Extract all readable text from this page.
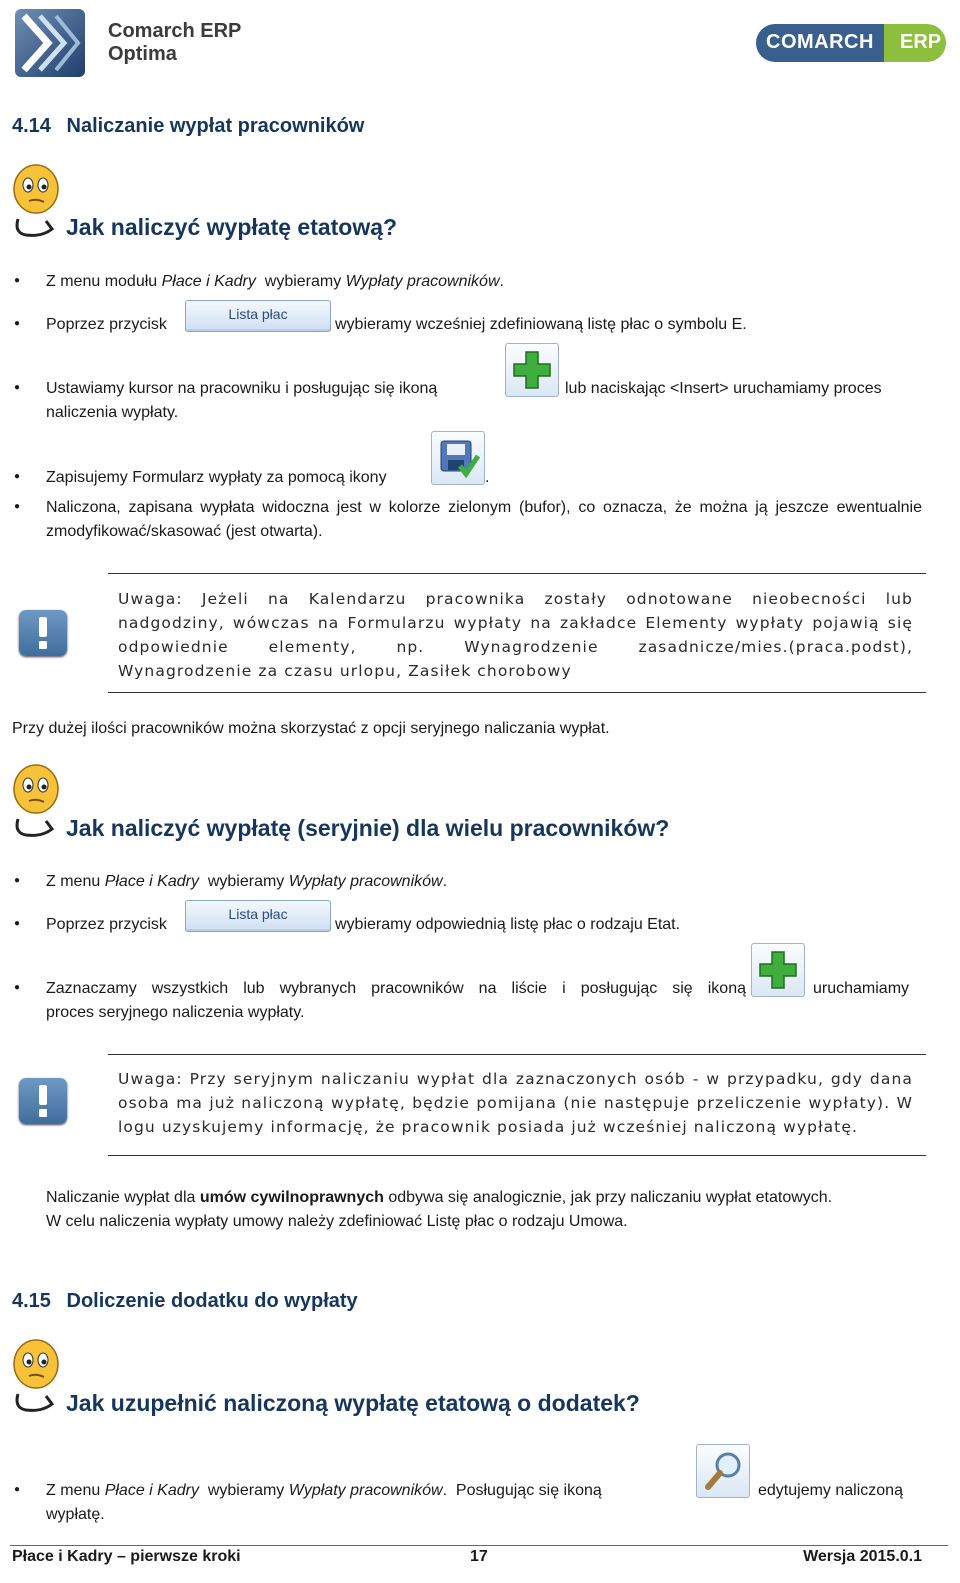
Comarch ERP
Optima
COMARCH ERP
4.14 Naliczanie wypłat pracowników
Jak naliczyć wypłatę etatową?
● Z menu modułu Płace i Kadry  wybieramy Wypłaty pracowników.
● Poprzez przycisk
Lista płac
wybieramy wcześniej zdefiniowaną listę płac o symbolu E.
● Ustawiamy kursor na pracowniku i posługując się ikoną	lub naciskając <Insert> uruchamiamy proces
naliczenia wypłaty.
● Zapisujemy Formularz wypłaty za pomocą ikony	.
● Naliczona, zapisana wypłata widoczna jest w kolorze zielonym (bufor), co oznacza, że można ją jeszcze ewentualnie zmodyfikować/skasować (jest otwarta).
Uwaga: Jeżeli na Kalendarzu pracownika zostały odnotowane nieobecności lub nadgodziny, wówczas na Formularzu wypłaty na zakładce Elementy wypłaty pojawią się odpowiednie elementy, np. Wynagrodzenie zasadnicze/mies.(praca.podst), Wynagrodzenie za czasu urlopu, Zasiłek chorobowy
Przy dużej ilości pracowników można skorzystać z opcji seryjnego naliczania wypłat.
Jak naliczyć wypłatę (seryjnie) dla wielu pracowników?
● Z menu Płace i Kadry  wybieramy Wypłaty pracowników.
● Poprzez przycisk
Lista płac
wybieramy odpowiednią listę płac o rodzaju Etat.
● Zaznaczamy wszystkich lub wybranych pracowników na liście i posługując się ikoną	uruchamiamy
proces seryjnego naliczenia wypłaty.
Uwaga: Przy seryjnym naliczaniu wypłat dla zaznaczonych osób - w przypadku, gdy dana osoba ma już naliczoną wypłatę, będzie pomijana (nie następuje przeliczenie wypłaty). W logu uzyskujemy informację, że pracownik posiada już wcześniej naliczoną wypłatę.
Naliczanie wypłat dla umów cywilnoprawnych odbywa się analogicznie, jak przy naliczaniu wypłat etatowych.
W celu naliczenia wypłaty umowy należy zdefiniować Listę płac o rodzaju Umowa.
4.15 Doliczenie dodatku do wypłaty
Jak uzupełnić naliczoną wypłatę etatową o dodatek?
● Z menu Płace i Kadry  wybieramy Wypłaty pracowników.  Posługując się ikoną	edytujemy naliczoną
wypłatę.
Płace i Kadry – pierwsze kroki	17	Wersja 2015.0.1
